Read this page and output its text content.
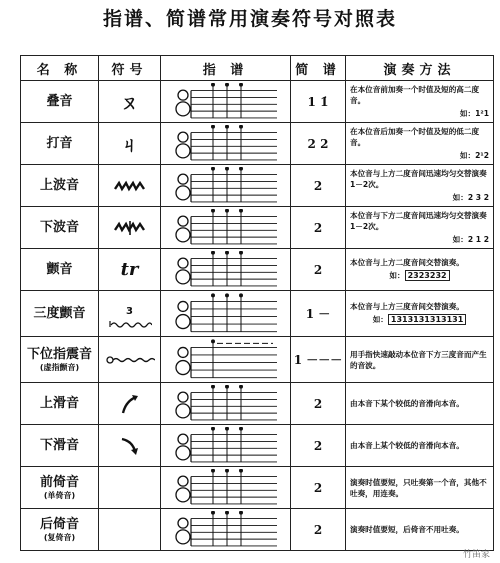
指谱、简谱常用演奏符号对照表
名 称	符号	指 谱	简 谱	演奏方法

叠音	ㄡ		1 1̇	在本位音前加奏一个时值及短的高二度音。
如：1²1

打音	ㄐ		2 2	在本位音后加奏一个时值及短的低二度音。
如：2¹2

上波音			2	本位音与上方二度音间迅速均匀交替演奏1－2次。
如：2 3 2

下波音			2	本位音与下方二度音间迅速均匀交替演奏1－2次。
如：2 1 2

颤音	tr		2	本位音与上方二度音间交替演奏。
如： 2323232

三度颤音	3		1 －	本位音与上方三度音间交替演奏。
如： 1313131313131

下位指震音
(虚指颤音)			1 －－－	用手指快速敲动本位音下方三度音而产生的音波。

上滑音			2	由本音下某个较低的音滑向本音。

下滑音			2	由本音上某个较低的音滑向本音。

前倚音
(单倚音)			2	演奏时值要短，只吐奏第一个音，其他不吐奏，用连奏。

后倚音
(复倚音)			2	演奏时值要短，后倚音不用吐奏。
竹笛家
